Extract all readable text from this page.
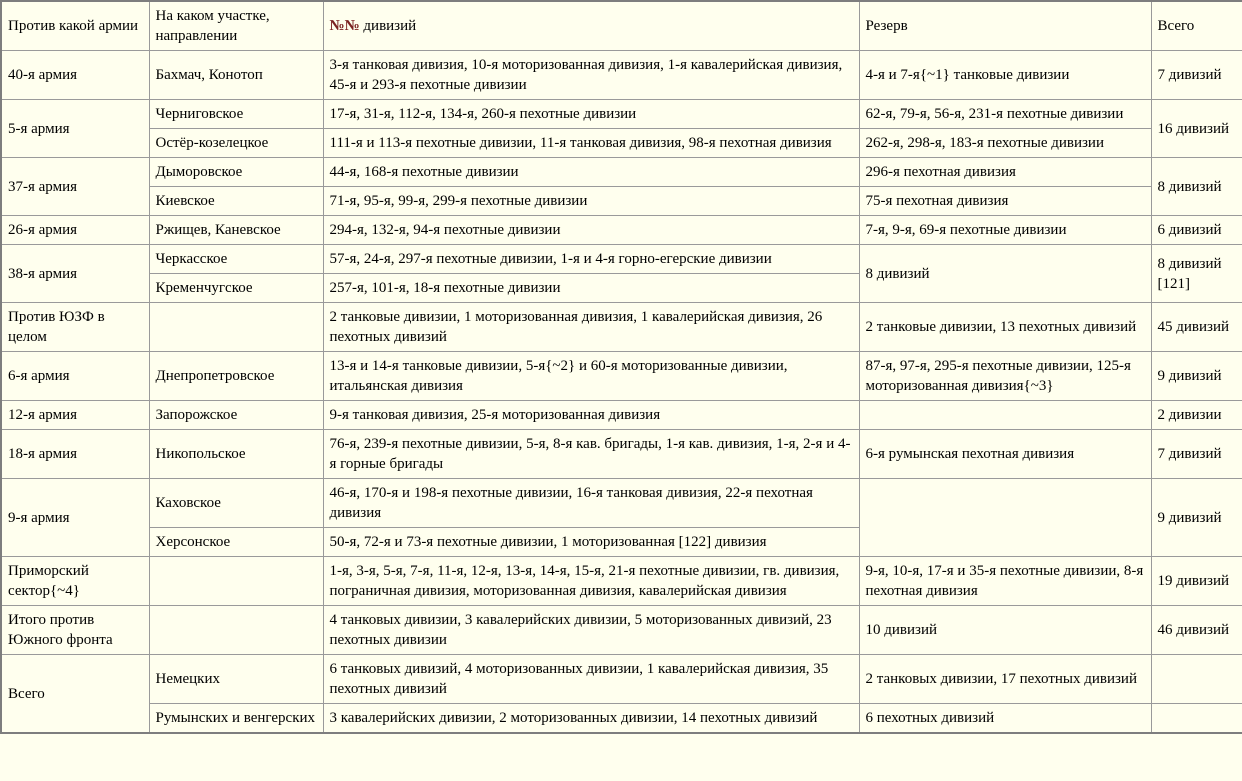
Против какой армии	На каком участке, направлении	№№ дивизий	Резерв	Всего
40-я армия	Бахмач, Конотоп	3-я танковая дивизия, 10-я моторизованная дивизия, 1-я кавалерийская дивизия, 45-я и 293-я пехотные дивизии	4-я и 7-я{~1} танковые дивизии	7 дивизий
5-я армия	Черниговское	17-я, 31-я, 112-я, 134-я, 260-я пехотные дивизии	62-я, 79-я, 56-я, 231-я пехотные дивизии	16 дивизий
	Остёр-козелецкое	111-я и 113-я пехотные дивизии, 11-я танковая дивизия, 98-я пехотная дивизия	262-я, 298-я, 183-я пехотные дивизии	
37-я армия	Дыморовское	44-я, 168-я пехотные дивизии	296-я пехотная дивизия	8 дивизий
	Киевское	71-я, 95-я, 99-я, 299-я пехотные дивизии	75-я пехотная дивизия	
26-я армия	Ржищев, Каневское	294-я, 132-я, 94-я пехотные дивизии	7-я, 9-я, 69-я пехотные дивизии	6 дивизий
38-я армия	Черкасское	57-я, 24-я, 297-я пехотные дивизии, 1-я и 4-я горно-егерские дивизии	8 дивизий	8 дивизий [121]
	Кременчугское	257-я, 101-я, 18-я пехотные дивизии		
Против ЮЗФ в целом		2 танковые дивизии, 1 моторизованная дивизия, 1 кавалерийская дивизия, 26 пехотных дивизий	2 танковые дивизии, 13 пехотных дивизий	45 дивизий
6-я армия	Днепропетровское	13-я и 14-я танковые дивизии, 5-я{~2} и 60-я моторизованные дивизии, итальянская дивизия	87-я, 97-я, 295-я пехотные дивизии, 125-я моторизованная дивизия{~3}	9 дивизий
12-я армия	Запорожское	9-я танковая дивизия, 25-я моторизованная дивизия		2 дивизии
18-я армия	Никопольское	76-я, 239-я пехотные дивизии, 5-я, 8-я кав. бригады, 1-я кав. дивизия, 1-я, 2-я и 4-я горные бригады	6-я румынская пехотная дивизия	7 дивизий
9-я армия	Каховское	46-я, 170-я и 198-я пехотные дивизии, 16-я танковая дивизия, 22-я пехотная дивизия		9 дивизий
	Херсонское	50-я, 72-я и 73-я пехотные дивизии, 1 моторизованная [122] дивизия		
Приморский сектор{~4}		1-я, 3-я, 5-я, 7-я, 11-я, 12-я, 13-я, 14-я, 15-я, 21-я пехотные дивизии, гв. дивизия, пограничная дивизия, моторизованная дивизия, кавалерийская дивизия	9-я, 10-я, 17-я и 35-я пехотные дивизии, 8-я пехотная дивизия	19 дивизий
Итого против Южного фронта		4 танковых дивизии, 3 кавалерийских дивизии, 5 моторизованных дивизий, 23 пехотных дивизии	10 дивизий	46 дивизий
Всего	Немецких	6 танковых дивизий, 4 моторизованных дивизии, 1 кавалерийская дивизия, 35 пехотных дивизий	2 танковых дивизии, 17 пехотных дивизий	
	Румынских и венгерских	3 кавалерийских дивизии, 2 моторизованных дивизии, 14 пехотных дивизий	6 пехотных дивизий	
